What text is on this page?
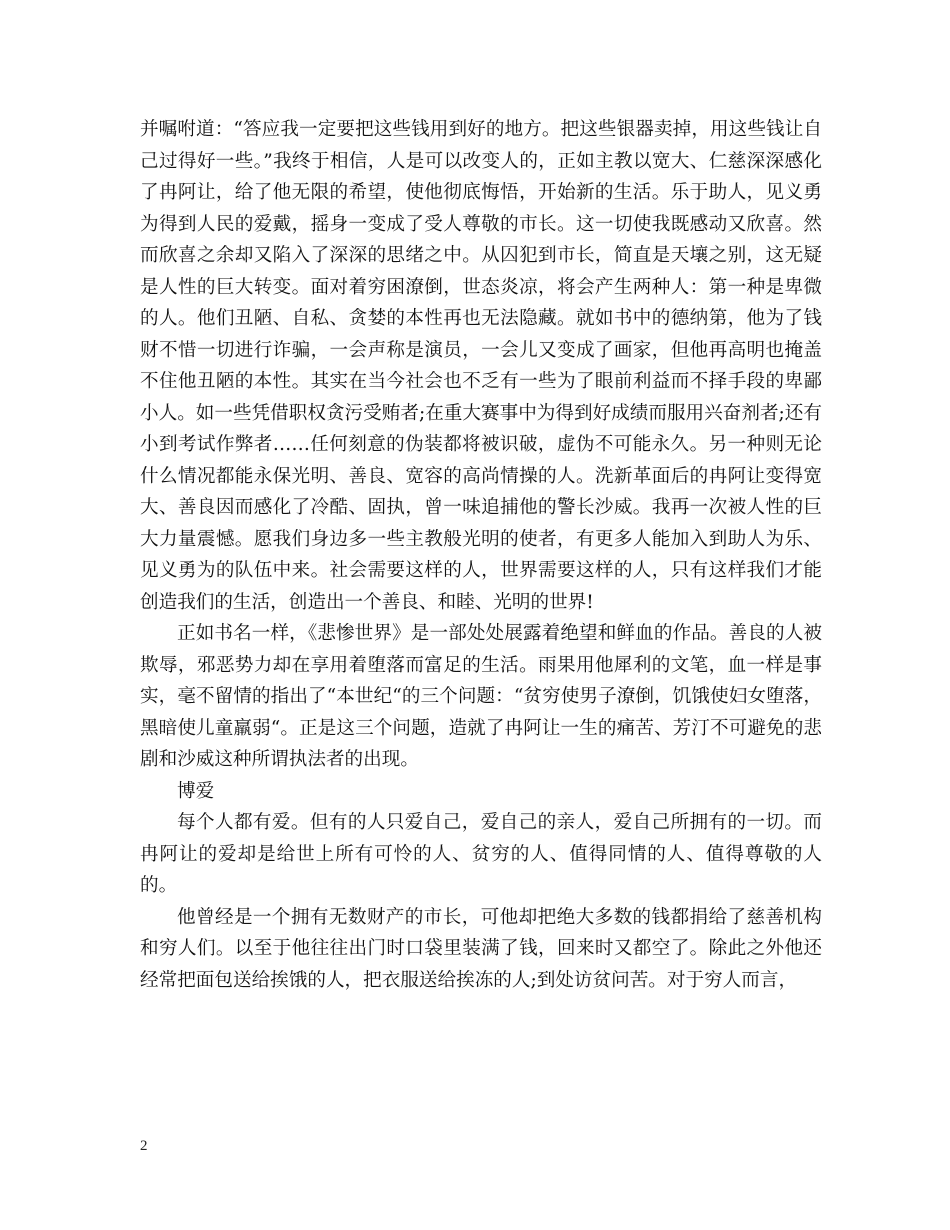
并嘱咐道：“答应我一定要把这些钱用到好的地方。把这些银器卖掉，用这些钱让自己过得好一些。”我终于相信，人是可以改变人的，正如主教以宽大、仁慈深深感化了冉阿让，给了他无限的希望，使他彻底悔悟，开始新的生活。乐于助人，见义勇为得到人民的爱戴，摇身一变成了受人尊敬的市长。这一切使我既感动又欣喜。然而欣喜之余却又陷入了深深的思绪之中。从囚犯到市长，简直是天壤之别，这无疑是人性的巨大转变。面对着穷困潦倒，世态炎凉，将会产生两种人：第一种是卑微的人。他们丑陋、自私、贪婪的本性再也无法隐藏。就如书中的德纳第，他为了钱财不惜一切进行诈骗，一会声称是演员，一会儿又变成了画家，但他再高明也掩盖不住他丑陋的本性。其实在当今社会也不乏有一些为了眼前利益而不择手段的卑鄙小人。如一些凭借职权贪污受贿者;在重大赛事中为得到好成绩而服用兴奋剂者;还有小到考试作弊者……任何刻意的伪装都将被识破，虚伪不可能永久。另一种则无论什么情况都能永保光明、善良、宽容的高尚情操的人。洗新革面后的冉阿让变得宽大、善良因而感化了冷酷、固执，曾一味追捕他的警长沙威。我再一次被人性的巨大力量震憾。愿我们身边多一些主教般光明的使者，有更多人能加入到助人为乐、见义勇为的队伍中来。社会需要这样的人，世界需要这样的人，只有这样我们才能创造我们的生活，创造出一个善良、和睦、光明的世界!

正如书名一样，《悲惨世界》是一部处处展露着绝望和鲜血的作品。善良的人被欺辱，邪恶势力却在享用着堕落而富足的生活。雨果用他犀利的文笔，血一样是事实，毫不留情的指出了“本世纪“的三个问题：“贫穷使男子潦倒，饥饿使妇女堕落，黑暗使儿童羸弱“。正是这三个问题，造就了冉阿让一生的痛苦、芳汀不可避免的悲剧和沙威这种所谓执法者的出现。

博爱

每个人都有爱。但有的人只爱自己，爱自己的亲人，爱自己所拥有的一切。而冉阿让的爱却是给世上所有可怜的人、贫穷的人、值得同情的人、值得尊敬的人的。

他曾经是一个拥有无数财产的市长，可他却把绝大多数的钱都捐给了慈善机构和穷人们。以至于他往往出门时口袋里装满了钱，回来时又都空了。除此之外他还经常把面包送给挨饿的人，把衣服送给挨冻的人;到处访贫问苦。对于穷人而言，

2
